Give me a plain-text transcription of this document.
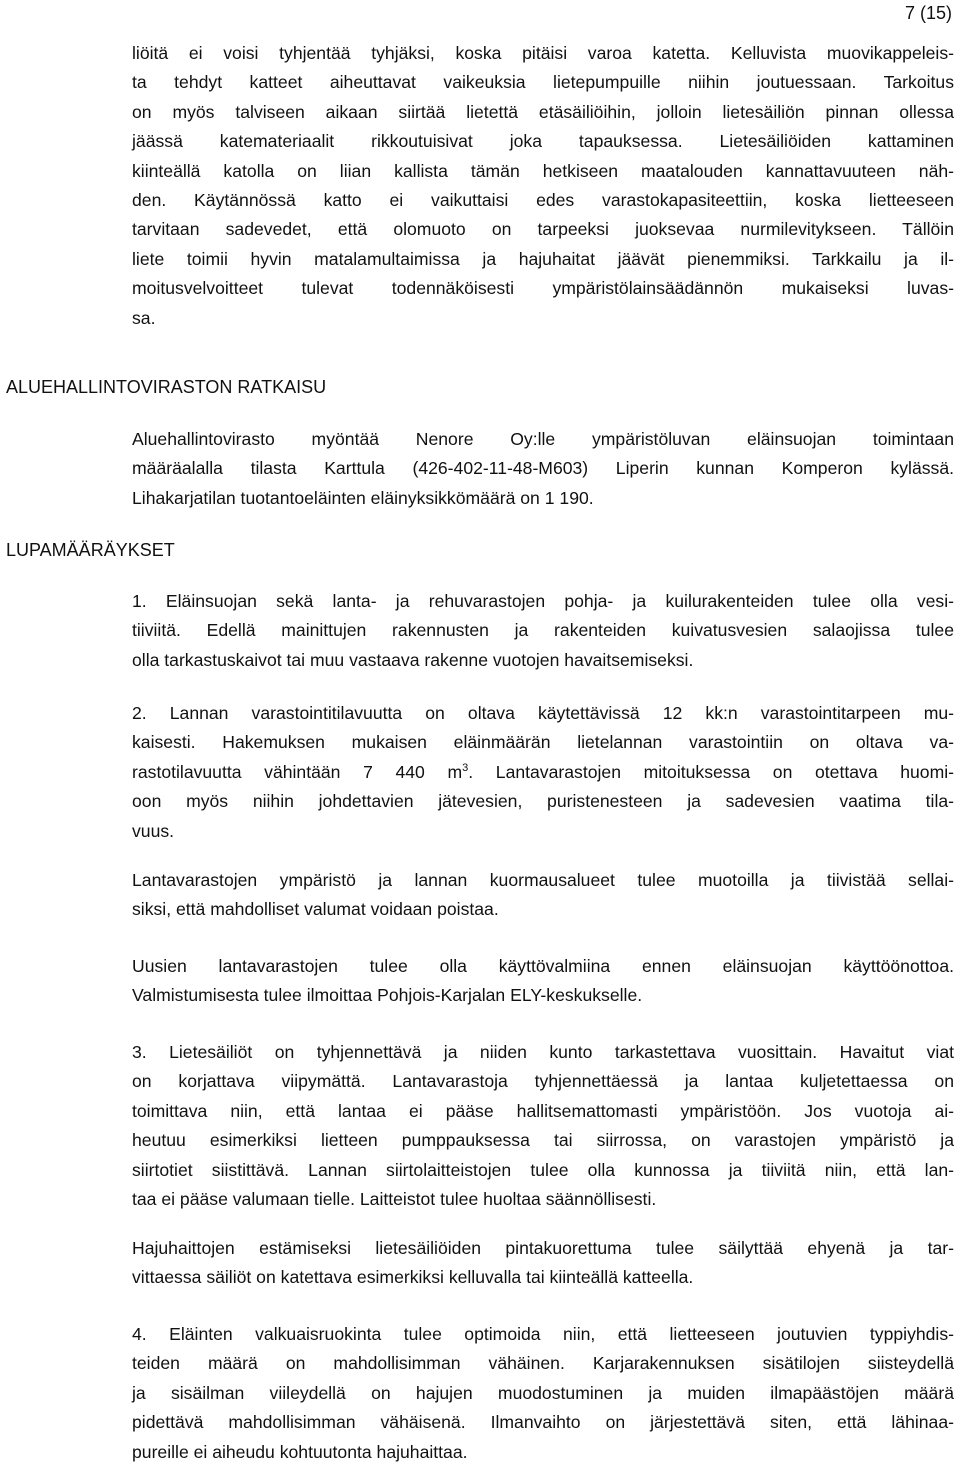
7 (15)
liöitä ei voisi tyhjentää tyhjäksi, koska pitäisi varoa katetta. Kelluvista muovikappeleis-
ta tehdyt katteet aiheuttavat vaikeuksia lietepumpuille niihin joutuessaan. Tarkoitus
on myös talviseen aikaan siirtää lietettä etäsäiliöihin, jolloin lietesäiliön pinnan ollessa
jäässä katemateriaalit rikkoutuisivat joka tapauksessa. Lietesäiliöiden kattaminen
kiinteällä katolla on liian kallista tämän hetkiseen maatalouden kannattavuuteen näh-
den. Käytännössä katto ei vaikuttaisi edes varastokapasiteettiin, koska lietteeseen
tarvitaan sadevedet, että olomuoto on tarpeeksi juoksevaa nurmilevitykseen. Tällöin
liete toimii hyvin matalamultaimissa ja hajuhaitat jäävät pienemmiksi. Tarkkailu ja il-
moitusvelvoitteet tulevat todennäköisesti ympäristölainsäädännön mukaiseksi luvas-
sa.
ALUEHALLINTOVIRASTON RATKAISU
Aluehallintovirasto myöntää Nenore Oy:lle ympäristöluvan eläinsuojan toimintaan
määräalalla tilasta Karttula (426-402-11-48-M603) Liperin kunnan Komperon kylässä.
Lihakarjatilan tuotantoeläinten eläinyksikkömäärä on 1 190.
LUPAMÄÄRÄYKSET
1. Eläinsuojan sekä lanta- ja rehuvarastojen pohja- ja kuilurakenteiden tulee olla vesi-
tiiviitä. Edellä mainittujen rakennusten ja rakenteiden kuivatusvesien salaojissa tulee
olla tarkastuskaivot tai muu vastaava rakenne vuotojen havaitsemiseksi.
2. Lannan varastointitilavuutta on oltava käytettävissä 12 kk:n varastointitarpeen mu-
kaisesti. Hakemuksen mukaisen eläinmäärän lietelannan varastointiin on oltava va-
rastotilavuutta vähintään 7 440 $m^3$. Lantavarastojen mitoituksessa on otettava huomi-
oon myös niihin johdettavien jätevesien, puristenesteen ja sadevesien vaatima tila-
vuus.
Lantavarastojen ympäristö ja lannan kuormausalueet tulee muotoilla ja tiivistää sellai-
siksi, että mahdolliset valumat voidaan poistaa.
Uusien lantavarastojen tulee olla käyttövalmiina ennen eläinsuojan käyttöönottoa.
Valmistumisesta tulee ilmoittaa Pohjois-Karjalan ELY-keskukselle.
3. Lietesäiliöt on tyhjennettävä ja niiden kunto tarkastettava vuosittain. Havaitut viat
on korjattava viipymättä. Lantavarastoja tyhjennettäessä ja lantaa kuljetettaessa on
toimittava niin, että lantaa ei pääse hallitsemattomasti ympäristöön. Jos vuotoja ai-
heutuu esimerkiksi lietteen pumppauksessa tai siirrossa, on varastojen ympäristö ja
siirtotiet siistittävä. Lannan siirtolaitteistojen tulee olla kunnossa ja tiiviitä niin, että lan-
taa ei pääse valumaan tielle. Laitteistot tulee huoltaa säännöllisesti.
Hajuhaittojen estämiseksi lietesäiliöiden pintakuorettuma tulee säilyttää ehyenä ja tar-
vittaessa säiliöt on katettava esimerkiksi kelluvalla tai kiinteällä katteella.
4. Eläinten valkuaisruokinta tulee optimoida niin, että lietteeseen joutuvien typpiyhdis-
teiden määrä on mahdollisimman vähäinen. Karjarakennuksen sisätilojen siisteydellä
ja sisäilman viileydellä on hajujen muodostuminen ja muiden ilmapäästöjen määrä
pidettävä mahdollisimman vähäisenä. Ilmanvaihto on järjestettävä siten, että lähinaa-
pureille ei aiheudu kohtuutonta hajuhaittaa.
